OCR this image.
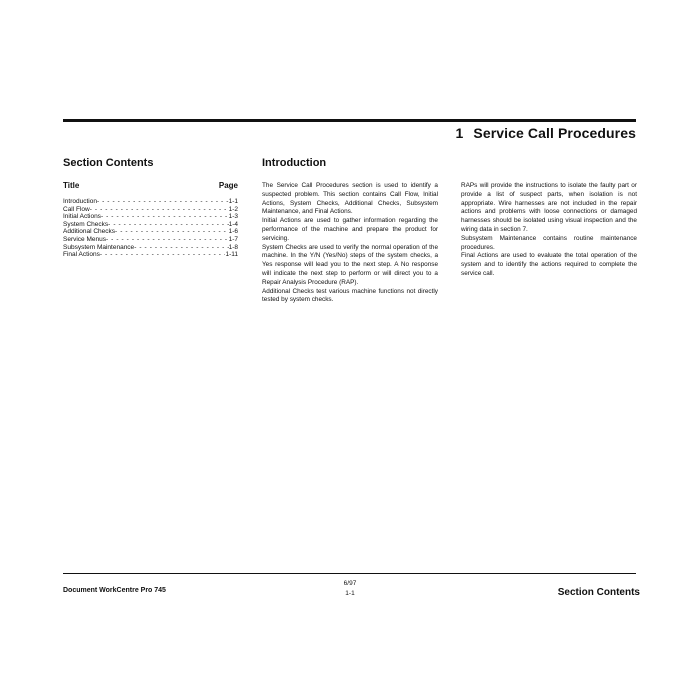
1 Service Call Procedures
Section Contents	Introduction
Title	Page
Introduction - - -	1-1
Call Flow - - -	1-2
Initial Actions - - -	1-3
System Checks - - -	1-4
Additional Checks - - -	1-6
Service Menus - - -	1-7
Subsystem Maintenance - - -	1-8
Final Actions - - -	1-11

The Service Call Procedures section is used to identify a suspected problem. This section contains Call Flow, Initial Actions, System Checks, Additional Checks, Subsystem Maintenance, and Final Actions.

Initial Actions are used to gather information regarding the performance of the machine and prepare the product for servicing.

System Checks are used to verify the normal operation of the machine. In the Y/N (Yes/No) steps of the system checks, a Yes response will lead you to the next step. A No response will indicate the next step to perform or will direct you to a Repair Analysis Procedure (RAP).

Additional Checks test various machine functions not directly tested by system checks.

RAPs will provide the instructions to isolate the faulty part or provide a list of suspect parts, when isolation is not appropriate. Wire harnesses are not included in the repair actions and problems with loose connections or damaged harnesses should be isolated using visual inspection and the wiring data in section 7.

Subsystem Maintenance contains routine maintenance procedures.

Final Actions are used to evaluate the total operation of the system and to identify the actions required to complete the service call.

Document WorkCentre Pro 745
6/97
1-1	Section Contents
